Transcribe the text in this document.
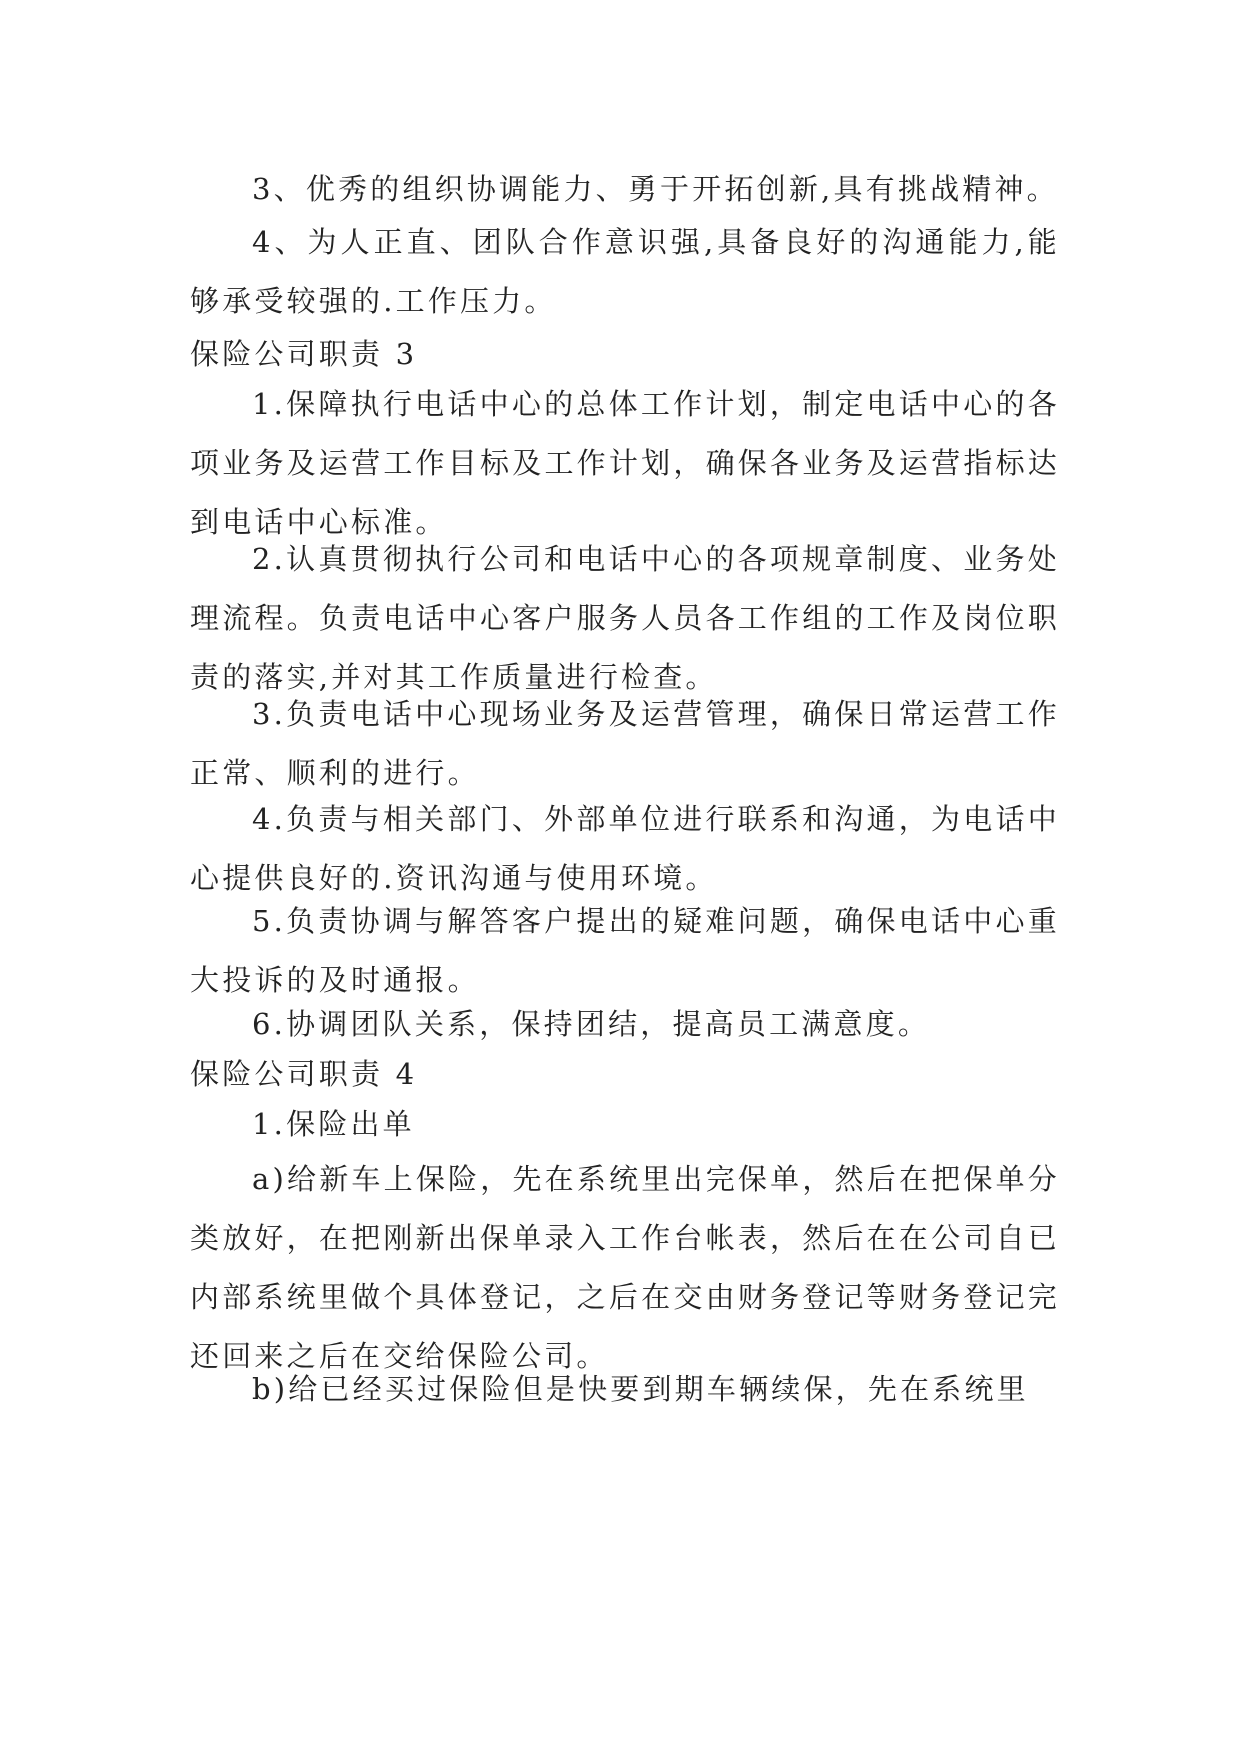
3、优秀的组织协调能力、勇于开拓创新,具有挑战精神。

4、为人正直、团队合作意识强,具备良好的沟通能力,能够承受较强的.工作压力。

保险公司职责 3

1.保障执行电话中心的总体工作计划，制定电话中心的各项业务及运营工作目标及工作计划，确保各业务及运营指标达到电话中心标准。

2.认真贯彻执行公司和电话中心的各项规章制度、业务处理流程。负责电话中心客户服务人员各工作组的工作及岗位职责的落实,并对其工作质量进行检查。

3.负责电话中心现场业务及运营管理，确保日常运营工作正常、顺利的进行。

4.负责与相关部门、外部单位进行联系和沟通，为电话中心提供良好的.资讯沟通与使用环境。

5.负责协调与解答客户提出的疑难问题，确保电话中心重大投诉的及时通报。

6.协调团队关系，保持团结，提高员工满意度。

保险公司职责 4

1.保险出单

a)给新车上保险，先在系统里出完保单，然后在把保单分类放好，在把刚新出保单录入工作台帐表，然后在在公司自已内部系统里做个具体登记，之后在交由财务登记等财务登记完还回来之后在交给保险公司。

b)给已经买过保险但是快要到期车辆续保，先在系统里
